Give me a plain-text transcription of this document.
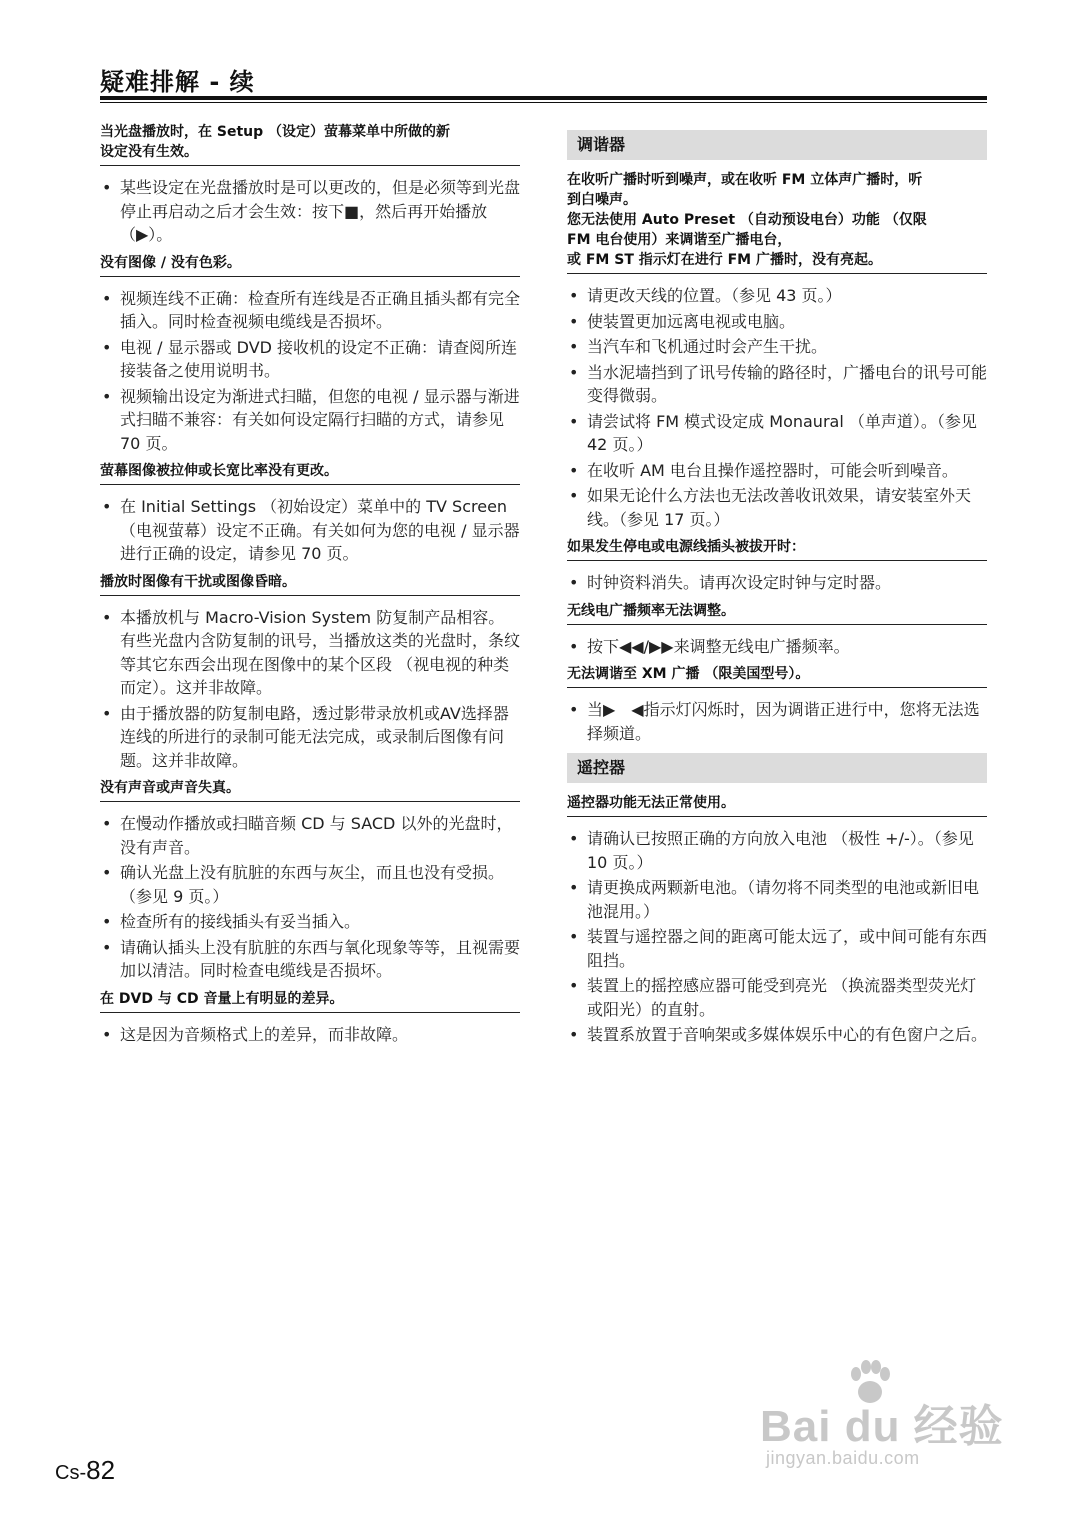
疑难排解 - 续
当光盘播放时，在 Setup （设定）萤幕菜单中所做的新
设定没有生效。
• 某些设定在光盘播放时是可以更改的，但是必须等到光盘停止再启动之后才会生效：按下■，然后再开始播放（▶）。
没有图像 / 没有色彩。
• 视频连线不正确：检查所有连线是否正确且插头都有完全插入。同时检查视频电缆线是否损坏。
• 电视 / 显示器或 DVD 接收机的设定不正确：请查阅所连接装备之使用说明书。
• 视频输出设定为渐进式扫瞄，但您的电视 / 显示器与渐进式扫瞄不兼容：有关如何设定隔行扫瞄的方式，请参见 70 页。
萤幕图像被拉伸或长宽比率没有更改。
• 在 Initial Settings （初始设定）菜单中的 TV Screen （电视萤幕）设定不正确。有关如何为您的电视 / 显示器进行正确的设定，请参见 70 页。
播放时图像有干扰或图像昏暗。
• 本播放机与 Macro-Vision System 防复制产品相容。有些光盘内含防复制的讯号，当播放这类的光盘时，条纹等其它东西会出现在图像中的某个区段 （视电视的种类而定）。这并非故障。
• 由于播放器的防复制电路，透过影带录放机或AV选择器连线的所进行的录制可能无法完成，或录制后图像有问题。这并非故障。
没有声音或声音失真。
• 在慢动作播放或扫瞄音频 CD 与 SACD 以外的光盘时，没有声音。
• 确认光盘上没有肮脏的东西与灰尘，而且也没有受损。（参见 9 页。）
• 检查所有的接线插头有妥当插入。
• 请确认插头上没有肮脏的东西与氧化现象等等，且视需要加以清洁。同时检查电缆线是否损坏。
在 DVD 与 CD 音量上有明显的差异。
• 这是因为音频格式上的差异，而非故障。
调谐器
在收听广播时听到噪声，或在收听 FM 立体声广播时，听
到白噪声。
您无法使用 Auto Preset （自动预设电台）功能 （仅限
FM 电台使用）来调谐至广播电台，
或 FM ST 指示灯在进行 FM 广播时，没有亮起。
• 请更改天线的位置。（参见 43 页。）
• 使装置更加远离电视或电脑。
• 当汽车和飞机通过时会产生干扰。
• 当水泥墙挡到了讯号传输的路径时，广播电台的讯号可能变得微弱。
• 请尝试将 FM 模式设定成 Monaural （单声道）。（参见 42 页。）
• 在收听 AM 电台且操作遥控器时，可能会听到噪音。
• 如果无论什么方法也无法改善收讯效果，请安装室外天线。（参见 17 页。）
如果发生停电或电源线插头被拔开时：
• 时钟资料消失。请再次设定时钟与定时器。
无线电广播频率无法调整。
• 按下◀◀/▶▶来调整无线电广播频率。
无法调谐至 XM 广播 （限美国型号）。
• 当▶　◀指示灯闪烁时，因为调谐正进行中，您将无法选择频道。
遥控器
遥控器功能无法正常使用。
• 请确认已按照正确的方向放入电池 （极性 +/-）。（参见 10 页。）
• 请更换成两颗新电池。（请勿将不同类型的电池或新旧电池混用。）
• 装置与遥控器之间的距离可能太远了，或中间可能有东西阻挡。
• 装置上的摇控感应器可能受到亮光 （换流器类型荧光灯或阳光）的直射。
• 装置系放置于音响架或多媒体娱乐中心的有色窗户之后。
Cs-82
Bai du 经验
jingyan.baidu.com
